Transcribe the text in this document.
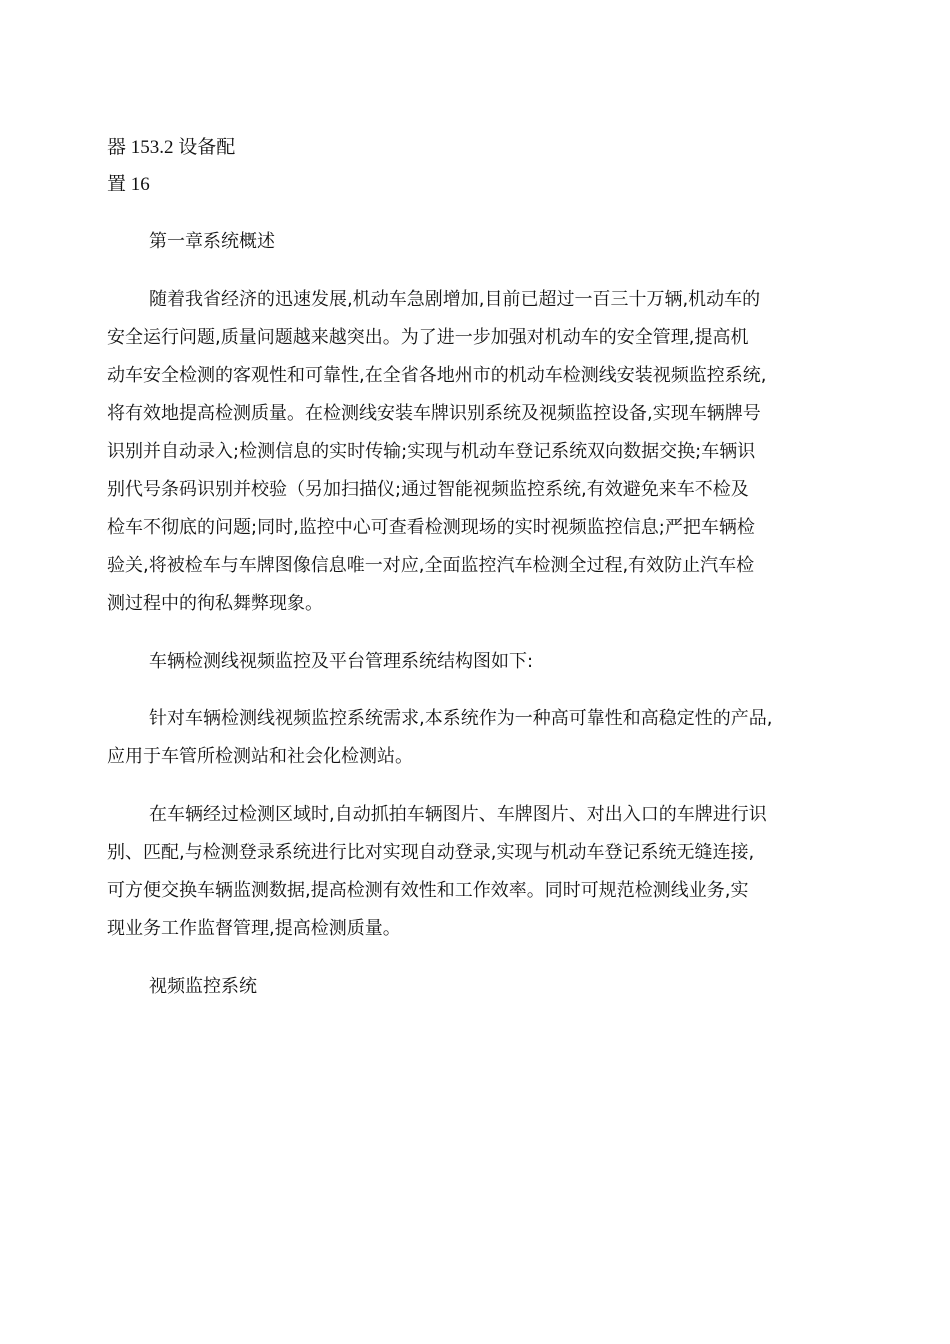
器 153.2 设备配
置 16
第一章系统概述
随着我省经济的迅速发展,机动车急剧增加,目前已超过一百三十万辆,机动车的
安全运行问题,质量问题越来越突出。为了进一步加强对机动车的安全管理,提高机
动车安全检测的客观性和可靠性,在全省各地州市的机动车检测线安装视频监控系统,
将有效地提高检测质量。在检测线安装车牌识别系统及视频监控设备,实现车辆牌号
识别并自动录入;检测信息的实时传输;实现与机动车登记系统双向数据交换;车辆识
别代号条码识别并校验（另加扫描仪;通过智能视频监控系统,有效避免来车不检及
检车不彻底的问题;同时,监控中心可查看检测现场的实时视频监控信息;严把车辆检
验关,将被检车与车牌图像信息唯一对应,全面监控汽车检测全过程,有效防止汽车检
测过程中的徇私舞弊现象。
车辆检测线视频监控及平台管理系统结构图如下:
针对车辆检测线视频监控系统需求,本系统作为一种高可靠性和高稳定性的产品,
应用于车管所检测站和社会化检测站。
在车辆经过检测区域时,自动抓拍车辆图片、车牌图片、对出入口的车牌进行识
别、匹配,与检测登录系统进行比对实现自动登录,实现与机动车登记系统无缝连接,
可方便交换车辆监测数据,提高检测有效性和工作效率。同时可规范检测线业务,实
现业务工作监督管理,提高检测质量。
视频监控系统
